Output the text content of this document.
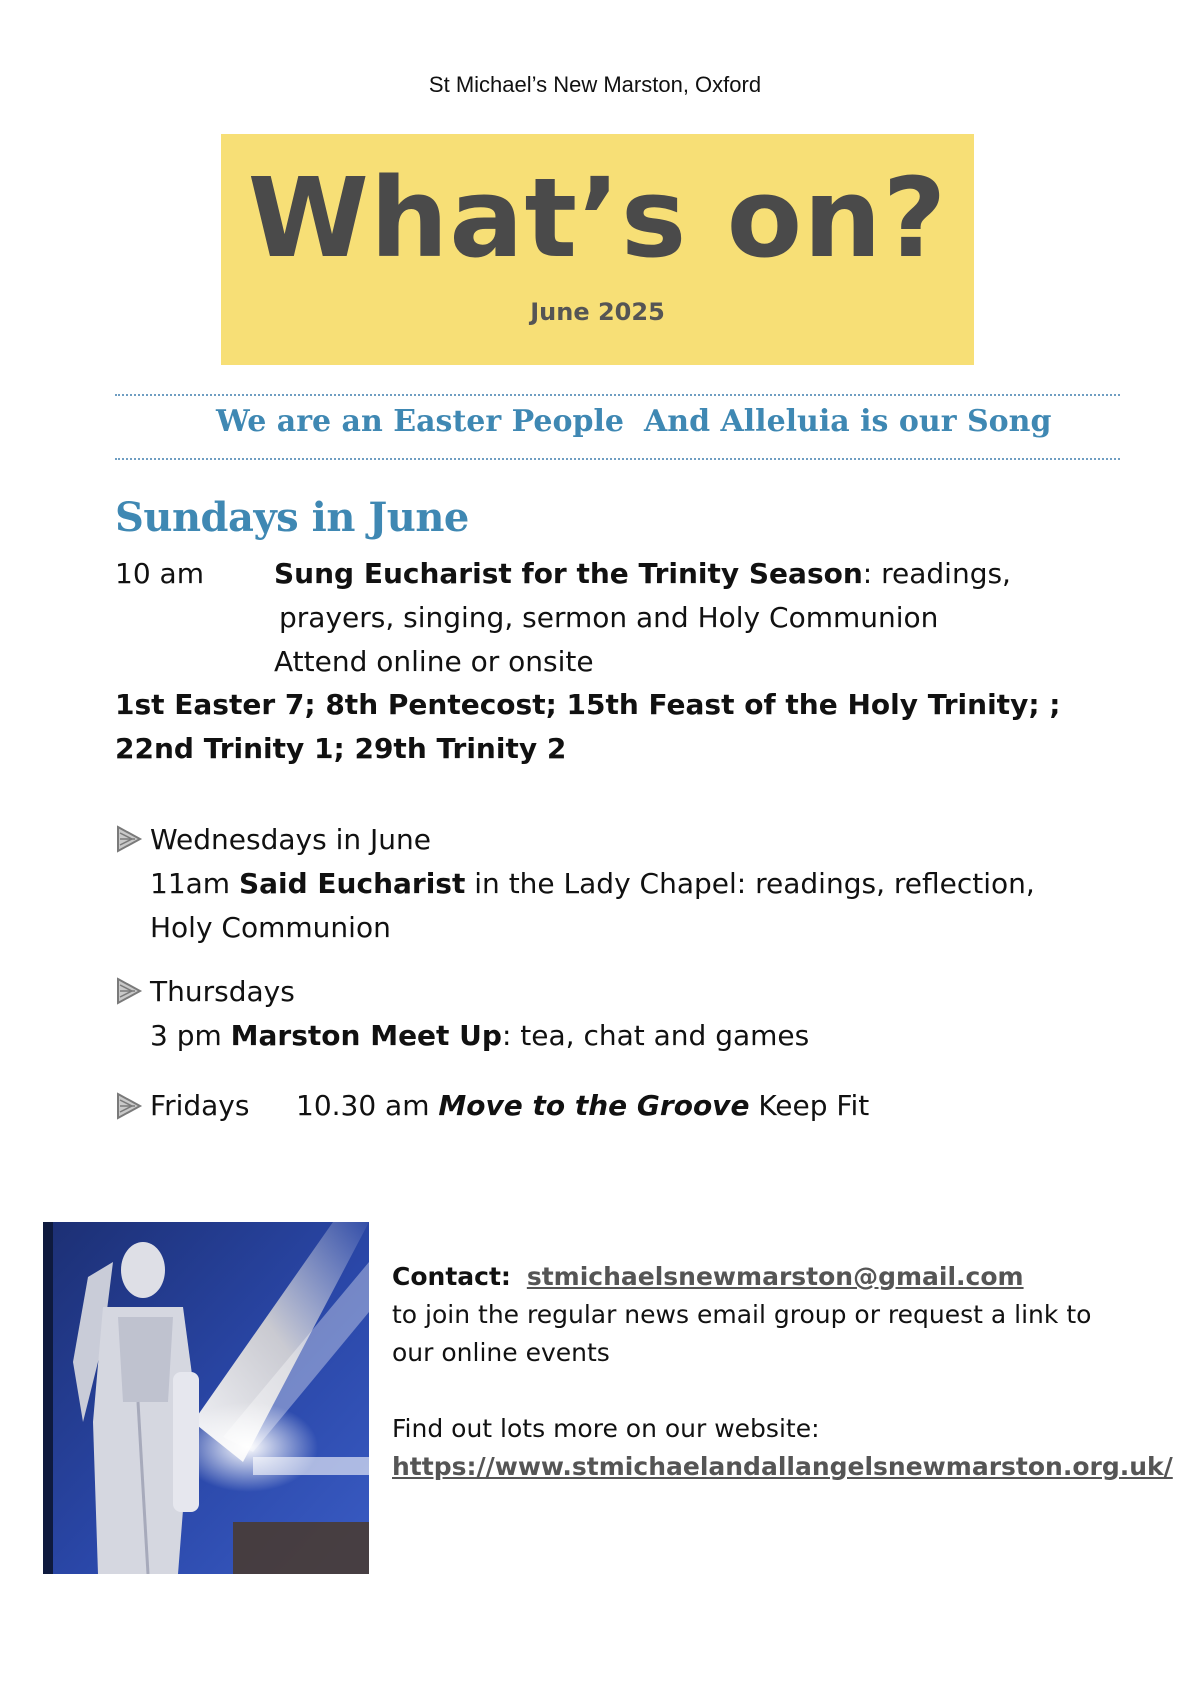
St Michael’s New Marston, Oxford
What’s on?
June 2025
We are an Easter People And Alleluia is our Song
Sundays in June
10 am	Sung Eucharist for the Trinity Season: readings,
prayers, singing, sermon and Holy Communion
Attend online or onsite
1st Easter 7; 8th Pentecost; 15th Feast of the Holy Trinity; ; 22nd Trinity 1; 29th Trinity 2
Wednesdays in June
11am Said Eucharist in the Lady Chapel: readings, reflection,
Holy Communion
Thursdays
3 pm Marston Meet Up: tea, chat and games
Fridays 10.30 am Move to the Groove Keep Fit
Contact: stmichaelsnewmarston@gmail.com
to join the regular news email group or request a link to
our online events
Find out lots more on our website:
https://www.stmichaelandallangelsnewmarston.org.uk/
